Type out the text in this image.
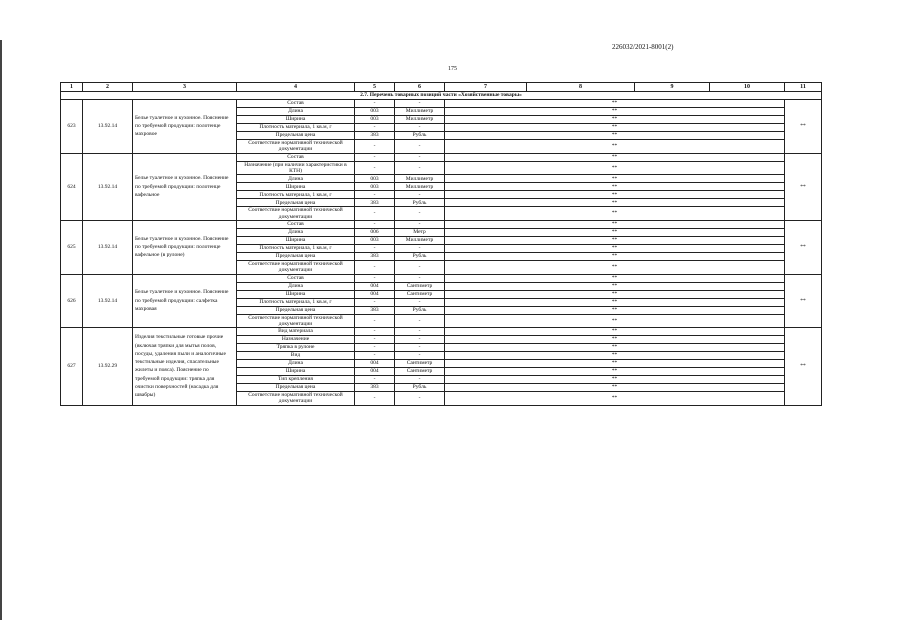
226032/2021-8001(2)
175
1	2	3	4	5	6	7	8	9	10	11
2.7. Перечень товарных позиций части «Хозяйственные товары»										
623	13.92.14	Белье туалетное и кухонное. Пояснение по требуемой продукции: полотенце махровое	Состав	-	-	**				**
			Длина	003	Миллиметр	**				
			Ширина	003	Миллиметр	**				
			Плотность материала, 1 кв.м, г	-	-	**				
			Предельная цена	383	Рубль	**				
			Соответствие нормативной технической документации	-	-	**				
624	13.92.14	Белье туалетное и кухонное. Пояснение по требуемой продукции: полотенце вафельное	Состав	-	-	**				**
			Назначение (при наличии характеристики в КТН)	-	-	**				
			Длина	003	Миллиметр	**				
			Ширина	003	Миллиметр	**				
			Плотность материала, 1 кв.м, г	-	-	**				
			Предельная цена	383	Рубль	**				
			Соответствие нормативной технической документации	-	-	**				
625	13.92.14	Белье туалетное и кухонное. Пояснение по требуемой продукции: полотенце вафельное (в рулоне)	Состав	-	-	**				**
			Длина	006	Метр	**				
			Ширина	003	Миллиметр	**				
			Плотность материала, 1 кв.м, г	-	-	**				
			Предельная цена	383	Рубль	**				
			Соответствие нормативной технической документации	-	-	**				
626	13.92.14	Белье туалетное и кухонное. Пояснение по требуемой продукции: салфетка махровая	Состав	-	-	**				**
			Длина	004	Сантиметр	**				
			Ширина	004	Сантиметр	**				
			Плотность материала, 1 кв.м, г	-	-	**				
			Предельная цена	383	Рубль	**				
			Соответствие нормативной технической документации	-	-	**				
627	13.92.29	Изделия текстильные готовые прочие (включая тряпки для мытья полов, посуды, удаления пыли и аналогичные текстильные изделия, спасательные жилеты и пояса). Пояснение по требуемой продукции: тряпка для очистки поверхностей (насадка для швабры)	Вид материала	-	-	**				**
			Назначение	-	-	**				
			Тряпка в рулоне	-	-	**				
			Вид	-	-	**				
			Длина	004	Сантиметр	**				
			Ширина	004	Сантиметр	**				
			Тип крепления	-	-	**				
			Предельная цена	383	Рубль	**				
			Соответствие нормативной технической документации	-	-	**				
